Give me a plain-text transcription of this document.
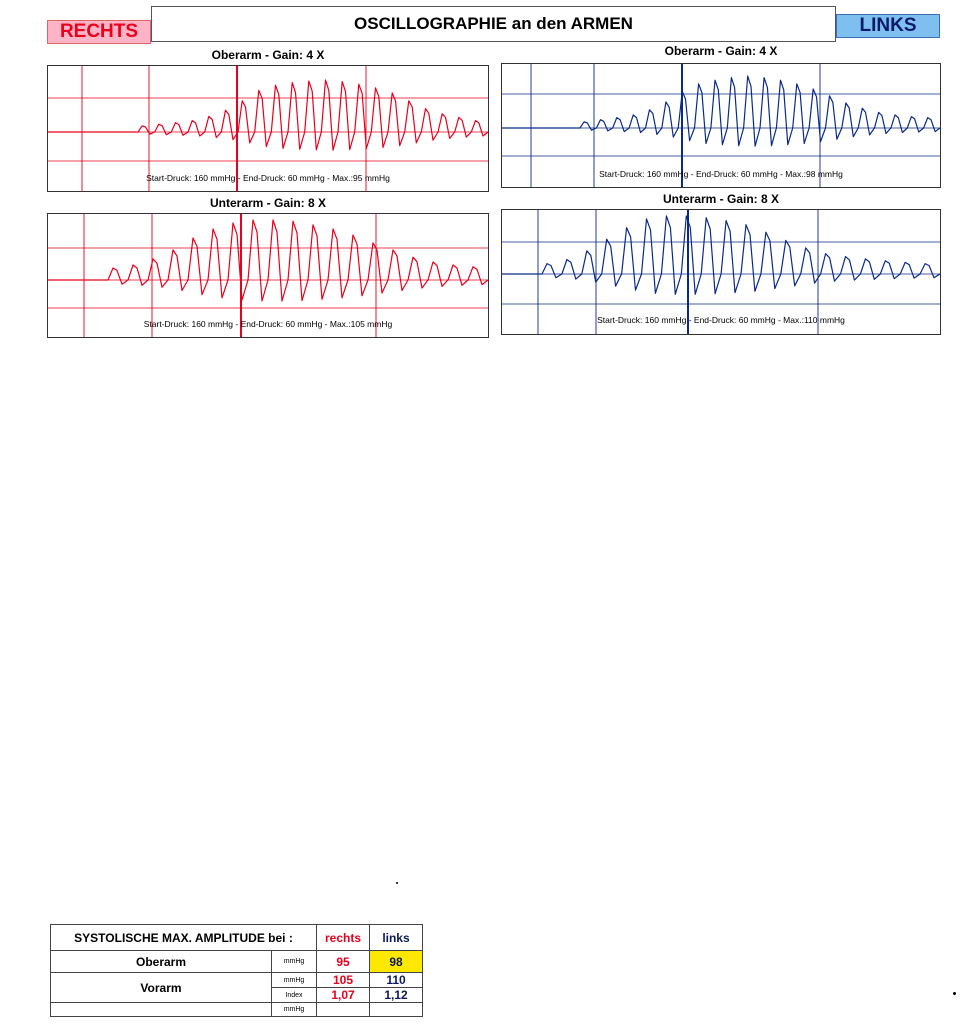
RECHTS	OSCILLOGRAPHIE an den ARMEN	LINKS
Oberarm - Gain: 4 X
Start-Druck: 160 mmHg - End-Druck: 60 mmHg - Max.:95 mmHg
Oberarm - Gain: 4 X
Start-Druck: 160 mmHg - End-Druck: 60 mmHg - Max.:98 mmHg
Unterarm - Gain: 8 X
Start-Druck: 160 mmHg - End-Druck: 60 mmHg - Max.:105 mmHg
Unterarm - Gain: 8 X
Start-Druck: 160 mmHg - End-Druck: 60 mmHg - Max.:110 mmHg
SYSTOLISCHE MAX. AMPLITUDE bei :		rechts	links
Oberarm	mmHg	95	98
Vorarm	mmHg	105	110
	Index	1,07	1,12
	mmHg		
